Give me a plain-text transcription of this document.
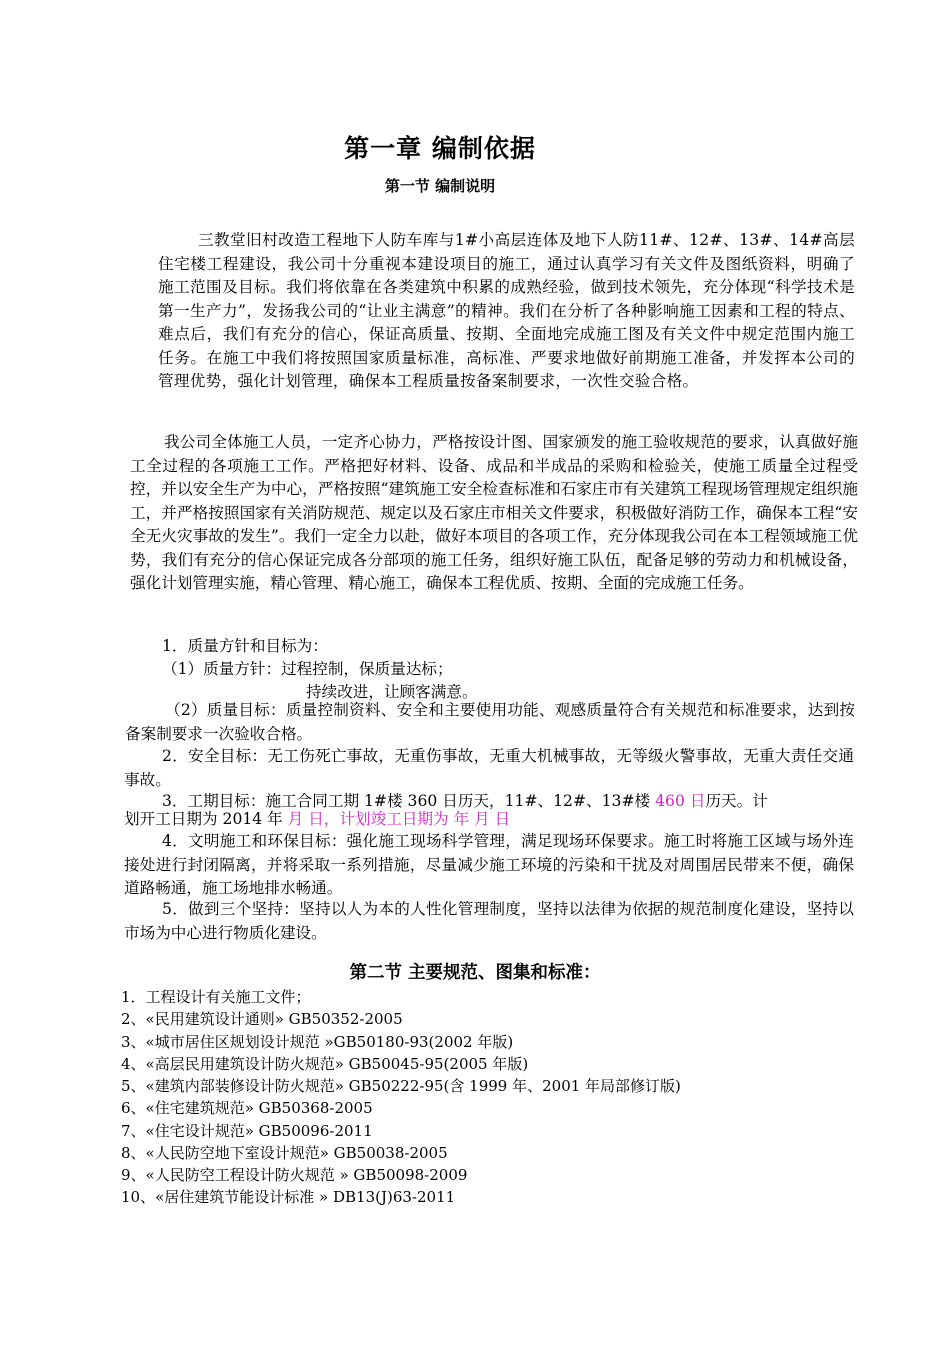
第一章 编制依据
第一节 编制说明
三教堂旧村改造工程地下人防车库与1#小高层连体及地下人防11#、12#、13#、14#高层住宅楼工程建设，我公司十分重视本建设项目的施工，通过认真学习有关文件及图纸资料，明确了施工范围及目标。我们将依靠在各类建筑中积累的成熟经验，做到技术领先，充分体现“科学技术是第一生产力”，发扬我公司的“让业主满意”的精神。我们在分析了各种影响施工因素和工程的特点、难点后，我们有充分的信心，保证高质量、按期、全面地完成施工图及有关文件中规定范围内施工任务。在施工中我们将按照国家质量标准，高标准、严要求地做好前期施工准备，并发挥本公司的管理优势，强化计划管理，确保本工程质量按备案制要求，一次性交验合格。
我公司全体施工人员，一定齐心协力，严格按设计图、国家颁发的施工验收规范的要求，认真做好施工全过程的各项施工工作。严格把好材料、设备、成品和半成品的采购和检验关，使施工质量全过程受控，并以安全生产为中心，严格按照“建筑施工安全检查标准和石家庄市有关建筑工程现场管理规定组织施工，并严格按照国家有关消防规范、规定以及石家庄市相关文件要求，积极做好消防工作，确保本工程“安全无火灾事故的发生”。我们一定全力以赴，做好本项目的各项工作，充分体现我公司在本工程领域施工优势，我们有充分的信心保证完成各分部项的施工任务，组织好施工队伍，配备足够的劳动力和机械设备，强化计划管理实施，精心管理、精心施工，确保本工程优质、按期、全面的完成施工任务。
1．质量方针和目标为：
（1）质量方针：过程控制，保质量达标；
持续改进，让顾客满意。
（2）质量目标：质量控制资料、安全和主要使用功能、观感质量符合有关规范和标准要求，达到按备案制要求一次验收合格。
2．安全目标：无工伤死亡事故，无重伤事故，无重大机械事故，无等级火警事故，无重大责任交通事故。
3．工期目标：施工合同工期 1#楼 360 日历天，11#、12#、13#楼 460 日历天。计
划开工日期为 2014 年 月 日，计划竣工日期为 年 月 日
4．文明施工和环保目标：强化施工现场科学管理，满足现场环保要求。施工时将施工区域与场外连接处进行封闭隔离，并将采取一系列措施，尽量减少施工环境的污染和干扰及对周围居民带来不便，确保道路畅通，施工场地排水畅通。
5．做到三个坚持：坚持以人为本的人性化管理制度，坚持以法律为依据的规范制度化建设，坚持以市场为中心进行物质化建设。
第二节 主要规范、图集和标准：
1．工程设计有关施工文件；
2、«民用建筑设计通则» GB50352-2005
3、«城市居住区规划设计规范 »GB50180-93(2002 年版)
4、«高层民用建筑设计防火规范» GB50045-95(2005 年版)
5、«建筑内部装修设计防火规范» GB50222-95(含 1999 年、2001 年局部修订版)
6、«住宅建筑规范» GB50368-2005
7、«住宅设计规范» GB50096-2011
8、«人民防空地下室设计规范» GB50038-2005
9、«人民防空工程设计防火规范 » GB50098-2009
10、«居住建筑节能设计标准 » DB13(J)63-2011
